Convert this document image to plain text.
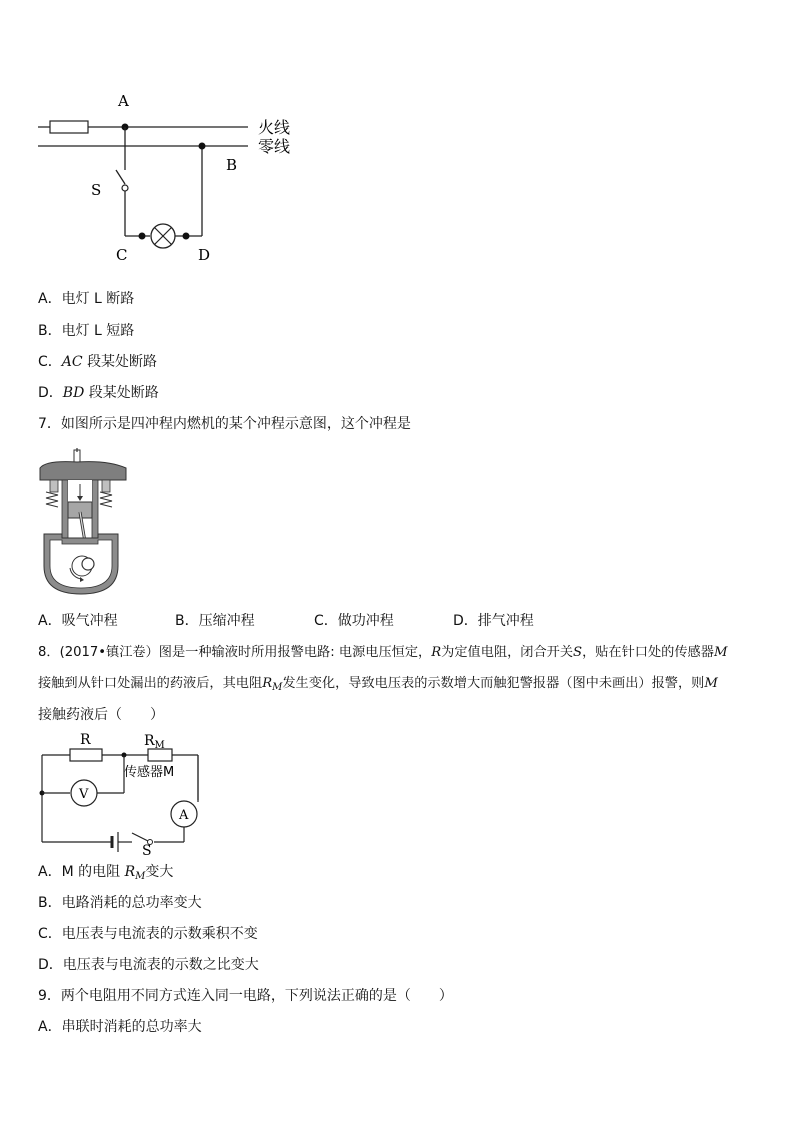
A
B
S
C	D
火线
零线
A．电灯 L 断路
B．电灯 L 短路
C．AC 段某处断路
D．BD 段某处断路
7．如图所示是四冲程内燃机的某个冲程示意图，这个冲程是
A．吸气冲程	B．压缩冲程	C．做功冲程	D．排气冲程
8．(2017•镇江卷）图是一种输液时所用报警电路: 电源电压恒定，R为定值电阻，闭合开关S，贴在针口处的传感器M
接触到从针口处漏出的药液后，其电阻$R_M$发生变化，导致电压表的示数增大而触犯警报器（图中未画出）报警，则M
接触药液后（　　）
R	$R_M$
传感器M
V
A
S
A．M 的电阻 $R_M$变大
B．电路消耗的总功率变大
C．电压表与电流表的示数乘积不变
D．电压表与电流表的示数之比变大
9．两个电阻用不同方式连入同一电路，下列说法正确的是（　　）
A．串联时消耗的总功率大
